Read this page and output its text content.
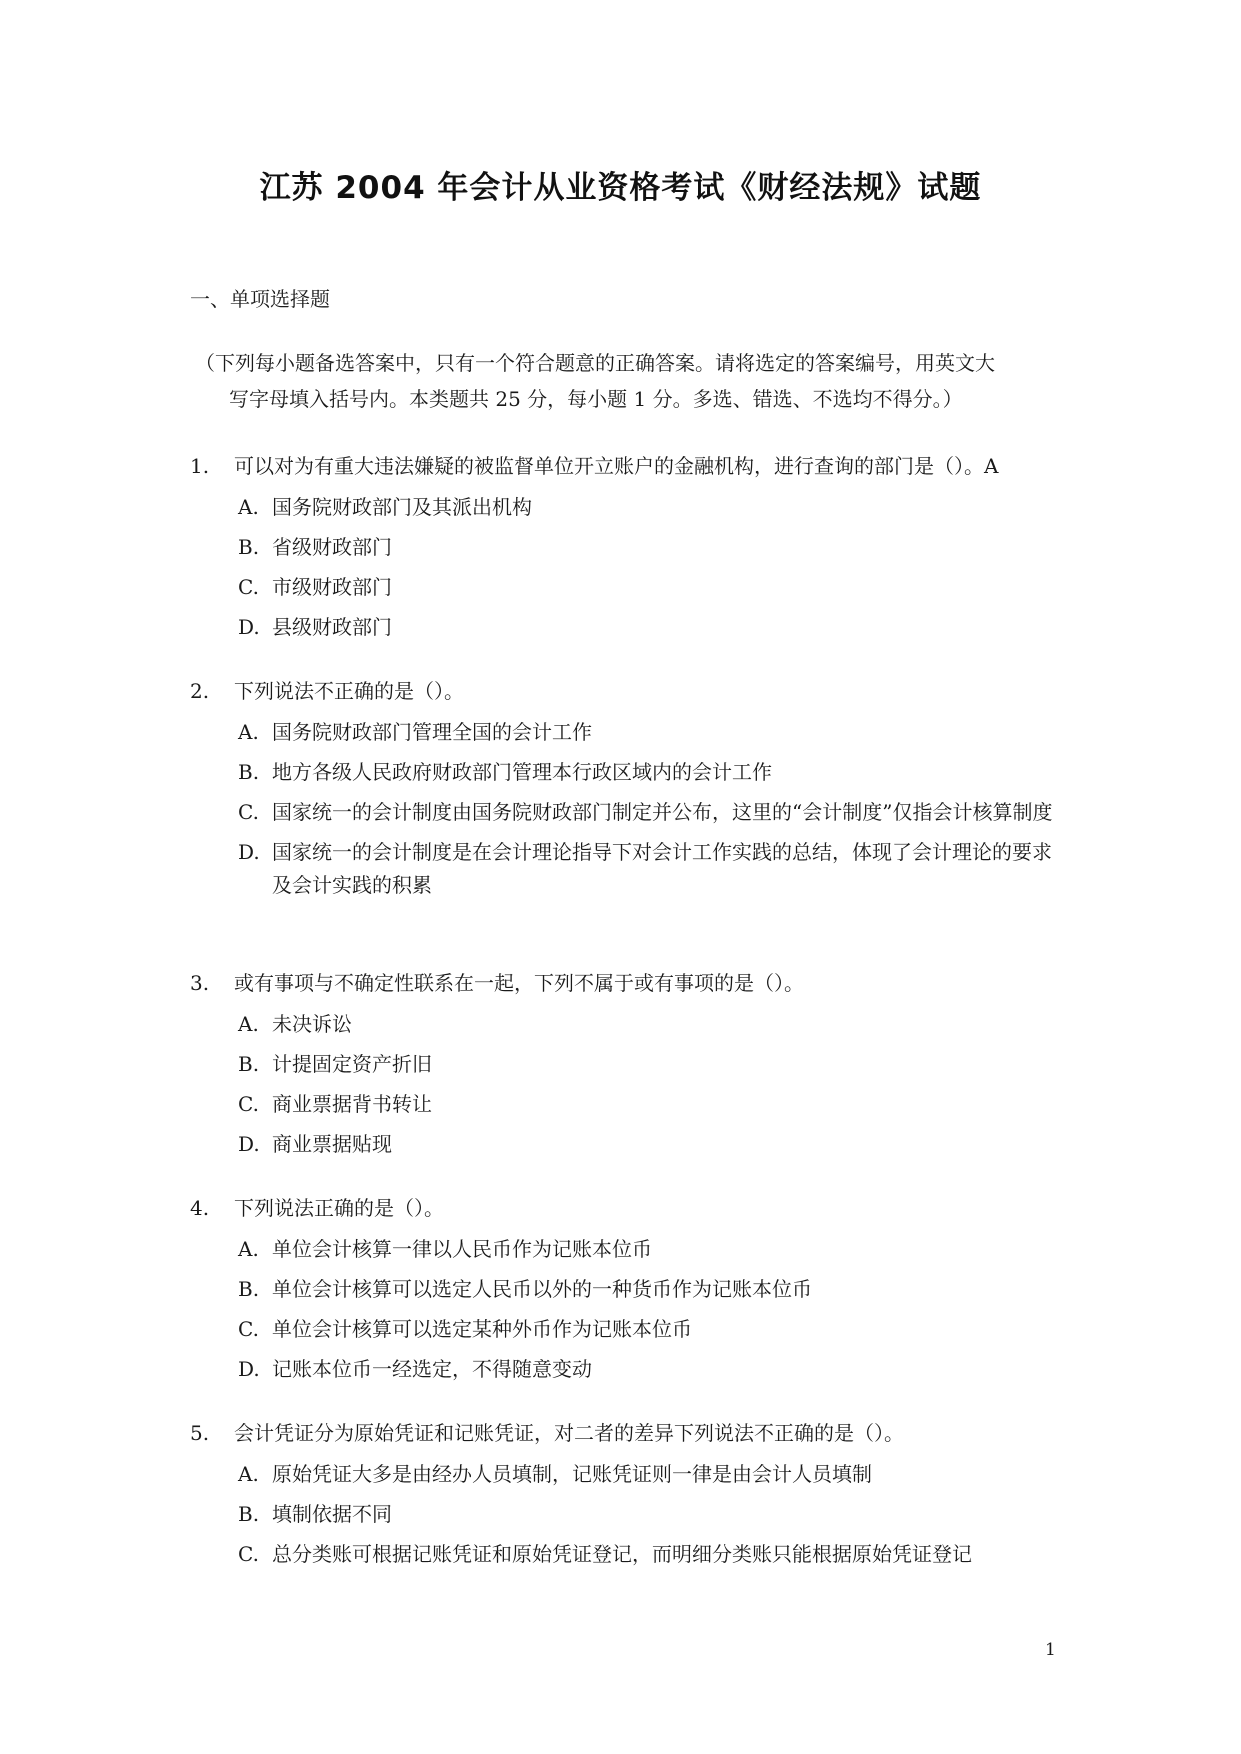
江苏 2004 年会计从业资格考试《财经法规》试题
一、单项选择题
（下列每小题备选答案中，只有一个符合题意的正确答案。请将选定的答案编号，用英文大
写字母填入括号内。本类题共 25 分，每小题 1 分。多选、错选、不选均不得分。）
1.	可以对为有重大违法嫌疑的被监督单位开立账户的金融机构，进行查询的部门是（）。A
A. 国务院财政部门及其派出机构
B. 省级财政部门
C. 市级财政部门
D. 县级财政部门
2.	下列说法不正确的是（）。
A. 国务院财政部门管理全国的会计工作
B. 地方各级人民政府财政部门管理本行政区域内的会计工作
C. 国家统一的会计制度由国务院财政部门制定并公布，这里的“会计制度”仅指会计核算制度
D. 国家统一的会计制度是在会计理论指导下对会计工作实践的总结，体现了会计理论的要求及会计实践的积累
3.	或有事项与不确定性联系在一起，下列不属于或有事项的是（）。
A. 未决诉讼
B. 计提固定资产折旧
C. 商业票据背书转让
D. 商业票据贴现
4.	下列说法正确的是（）。
A. 单位会计核算一律以人民币作为记账本位币
B. 单位会计核算可以选定人民币以外的一种货币作为记账本位币
C. 单位会计核算可以选定某种外币作为记账本位币
D. 记账本位币一经选定，不得随意变动
5.	会计凭证分为原始凭证和记账凭证，对二者的差异下列说法不正确的是（）。
A. 原始凭证大多是由经办人员填制，记账凭证则一律是由会计人员填制
B. 填制依据不同
C. 总分类账可根据记账凭证和原始凭证登记，而明细分类账只能根据原始凭证登记
1
